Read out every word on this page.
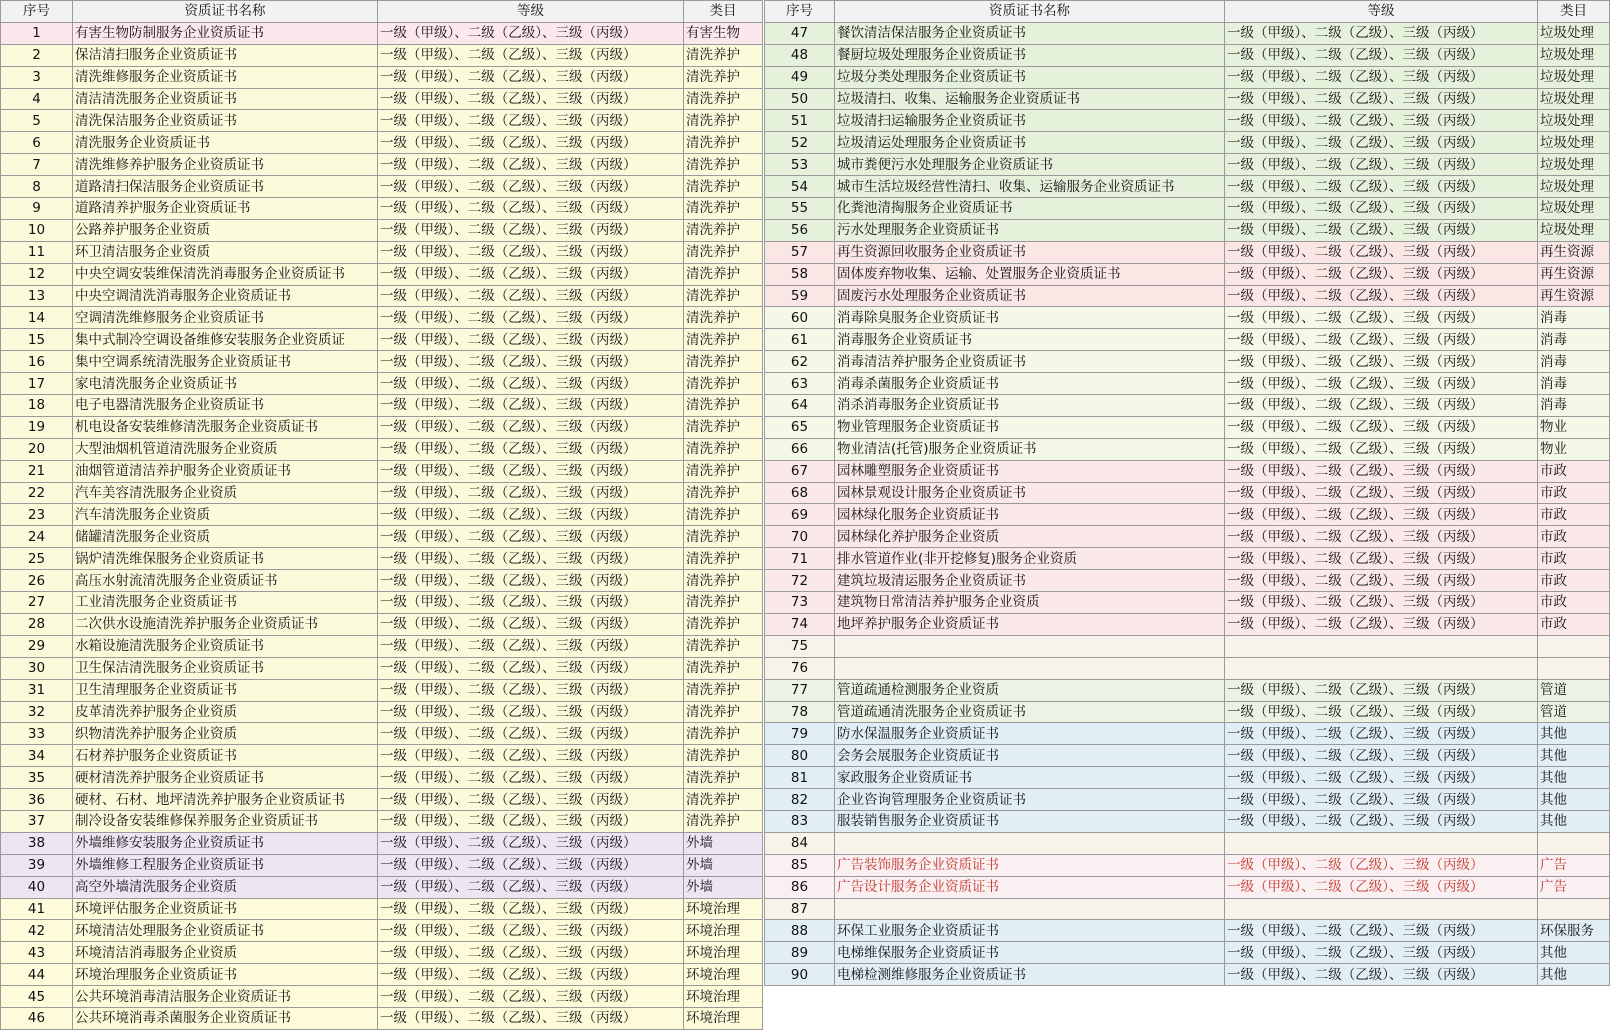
序号	资质证书名称	等级	类目
1	有害生物防制服务企业资质证书	一级（甲级）、二级（乙级）、三级（丙级）	有害生物
2	保洁清扫服务企业资质证书	一级（甲级）、二级（乙级）、三级（丙级）	清洗养护
3	清洗维修服务企业资质证书	一级（甲级）、二级（乙级）、三级（丙级）	清洗养护
4	清洁清洗服务企业资质证书	一级（甲级）、二级（乙级）、三级（丙级）	清洗养护
5	清洗保洁服务企业资质证书	一级（甲级）、二级（乙级）、三级（丙级）	清洗养护
6	清洗服务企业资质证书	一级（甲级）、二级（乙级）、三级（丙级）	清洗养护
7	清洗维修养护服务企业资质证书	一级（甲级）、二级（乙级）、三级（丙级）	清洗养护
8	道路清扫保洁服务企业资质证书	一级（甲级）、二级（乙级）、三级（丙级）	清洗养护
9	道路清养护服务企业资质证书	一级（甲级）、二级（乙级）、三级（丙级）	清洗养护
10	公路养护服务企业资质	一级（甲级）、二级（乙级）、三级（丙级）	清洗养护
11	环卫清洁服务企业资质	一级（甲级）、二级（乙级）、三级（丙级）	清洗养护
12	中央空调安装维保清洗消毒服务企业资质证书	一级（甲级）、二级（乙级）、三级（丙级）	清洗养护
13	中央空调清洗消毒服务企业资质证书	一级（甲级）、二级（乙级）、三级（丙级）	清洗养护
14	空调清洗维修服务企业资质证书	一级（甲级）、二级（乙级）、三级（丙级）	清洗养护
15	集中式制冷空调设备维修安装服务企业资质证	一级（甲级）、二级（乙级）、三级（丙级）	清洗养护
16	集中空调系统清洗服务企业资质证书	一级（甲级）、二级（乙级）、三级（丙级）	清洗养护
17	家电清洗服务企业资质证书	一级（甲级）、二级（乙级）、三级（丙级）	清洗养护
18	电子电器清洗服务企业资质证书	一级（甲级）、二级（乙级）、三级（丙级）	清洗养护
19	机电设备安装维修清洗服务企业资质证书	一级（甲级）、二级（乙级）、三级（丙级）	清洗养护
20	大型油烟机管道清洗服务企业资质	一级（甲级）、二级（乙级）、三级（丙级）	清洗养护
21	油烟管道清洁养护服务企业资质证书	一级（甲级）、二级（乙级）、三级（丙级）	清洗养护
22	汽车美容清洗服务企业资质	一级（甲级）、二级（乙级）、三级（丙级）	清洗养护
23	汽车清洗服务企业资质	一级（甲级）、二级（乙级）、三级（丙级）	清洗养护
24	储罐清洗服务企业资质	一级（甲级）、二级（乙级）、三级（丙级）	清洗养护
25	锅炉清洗维保服务企业资质证书	一级（甲级）、二级（乙级）、三级（丙级）	清洗养护
26	高压水射流清洗服务企业资质证书	一级（甲级）、二级（乙级）、三级（丙级）	清洗养护
27	工业清洗服务企业资质证书	一级（甲级）、二级（乙级）、三级（丙级）	清洗养护
28	二次供水设施清洗养护服务企业资质证书	一级（甲级）、二级（乙级）、三级（丙级）	清洗养护
29	水箱设施清洗服务企业资质证书	一级（甲级）、二级（乙级）、三级（丙级）	清洗养护
30	卫生保洁清洗服务企业资质证书	一级（甲级）、二级（乙级）、三级（丙级）	清洗养护
31	卫生清理服务企业资质证书	一级（甲级）、二级（乙级）、三级（丙级）	清洗养护
32	皮革清洗养护服务企业资质	一级（甲级）、二级（乙级）、三级（丙级）	清洗养护
33	织物清洗养护服务企业资质	一级（甲级）、二级（乙级）、三级（丙级）	清洗养护
34	石材养护服务企业资质证书	一级（甲级）、二级（乙级）、三级（丙级）	清洗养护
35	硬材清洗养护服务企业资质证书	一级（甲级）、二级（乙级）、三级（丙级）	清洗养护
36	硬材、石材、地坪清洗养护服务企业资质证书	一级（甲级）、二级（乙级）、三级（丙级）	清洗养护
37	制冷设备安装维修保养服务企业资质证书	一级（甲级）、二级（乙级）、三级（丙级）	清洗养护
38	外墙维修安装服务企业资质证书	一级（甲级）、二级（乙级）、三级（丙级）	外墙
39	外墙维修工程服务企业资质证书	一级（甲级）、二级（乙级）、三级（丙级）	外墙
40	高空外墙清洗服务企业资质	一级（甲级）、二级（乙级）、三级（丙级）	外墙
41	环境评估服务企业资质证书	一级（甲级）、二级（乙级）、三级（丙级）	环境治理
42	环境清洁处理服务企业资质证书	一级（甲级）、二级（乙级）、三级（丙级）	环境治理
43	环境清洁消毒服务企业资质	一级（甲级）、二级（乙级）、三级（丙级）	环境治理
44	环境治理服务企业资质证书	一级（甲级）、二级（乙级）、三级（丙级）	环境治理
45	公共环境消毒清洁服务企业资质证书	一级（甲级）、二级（乙级）、三级（丙级）	环境治理
46	公共环境消毒杀菌服务企业资质证书	一级（甲级）、二级（乙级）、三级（丙级）	环境治理
序号	资质证书名称	等级	类目
47	餐饮清洁保洁服务企业资质证书	一级（甲级）、二级（乙级）、三级（丙级）	垃圾处理
48	餐厨垃圾处理服务企业资质证书	一级（甲级）、二级（乙级）、三级（丙级）	垃圾处理
49	垃圾分类处理服务企业资质证书	一级（甲级）、二级（乙级）、三级（丙级）	垃圾处理
50	垃圾清扫、收集、运输服务企业资质证书	一级（甲级）、二级（乙级）、三级（丙级）	垃圾处理
51	垃圾清扫运输服务企业资质证书	一级（甲级）、二级（乙级）、三级（丙级）	垃圾处理
52	垃圾清运处理服务企业资质证书	一级（甲级）、二级（乙级）、三级（丙级）	垃圾处理
53	城市粪便污水处理服务企业资质证书	一级（甲级）、二级（乙级）、三级（丙级）	垃圾处理
54	城市生活垃圾经营性清扫、收集、运输服务企业资质证书	一级（甲级）、二级（乙级）、三级（丙级）	垃圾处理
55	化粪池清掏服务企业资质证书	一级（甲级）、二级（乙级）、三级（丙级）	垃圾处理
56	污水处理服务企业资质证书	一级（甲级）、二级（乙级）、三级（丙级）	垃圾处理
57	再生资源回收服务企业资质证书	一级（甲级）、二级（乙级）、三级（丙级）	再生资源
58	固体废弃物收集、运输、处置服务企业资质证书	一级（甲级）、二级（乙级）、三级（丙级）	再生资源
59	固废污水处理服务企业资质证书	一级（甲级）、二级（乙级）、三级（丙级）	再生资源
60	消毒除臭服务企业资质证书	一级（甲级）、二级（乙级）、三级（丙级）	消毒
61	消毒服务企业资质证书	一级（甲级）、二级（乙级）、三级（丙级）	消毒
62	消毒清洁养护服务企业资质证书	一级（甲级）、二级（乙级）、三级（丙级）	消毒
63	消毒杀菌服务企业资质证书	一级（甲级）、二级（乙级）、三级（丙级）	消毒
64	消杀消毒服务企业资质证书	一级（甲级）、二级（乙级）、三级（丙级）	消毒
65	物业管理服务企业资质证书	一级（甲级）、二级（乙级）、三级（丙级）	物业
66	物业清洁(托管)服务企业资质证书	一级（甲级）、二级（乙级）、三级（丙级）	物业
67	园林雕塑服务企业资质证书	一级（甲级）、二级（乙级）、三级（丙级）	市政
68	园林景观设计服务企业资质证书	一级（甲级）、二级（乙级）、三级（丙级）	市政
69	园林绿化服务企业资质证书	一级（甲级）、二级（乙级）、三级（丙级）	市政
70	园林绿化养护服务企业资质	一级（甲级）、二级（乙级）、三级（丙级）	市政
71	排水管道作业(非开挖修复)服务企业资质	一级（甲级）、二级（乙级）、三级（丙级）	市政
72	建筑垃圾清运服务企业资质证书	一级（甲级）、二级（乙级）、三级（丙级）	市政
73	建筑物日常清洁养护服务企业资质	一级（甲级）、二级（乙级）、三级（丙级）	市政
74	地坪养护服务企业资质证书	一级（甲级）、二级（乙级）、三级（丙级）	市政
75			
76			
77	管道疏通检测服务企业资质	一级（甲级）、二级（乙级）、三级（丙级）	管道
78	管道疏通清洗服务企业资质证书	一级（甲级）、二级（乙级）、三级（丙级）	管道
79	防水保温服务企业资质证书	一级（甲级）、二级（乙级）、三级（丙级）	其他
80	会务会展服务企业资质证书	一级（甲级）、二级（乙级）、三级（丙级）	其他
81	家政服务企业资质证书	一级（甲级）、二级（乙级）、三级（丙级）	其他
82	企业咨询管理服务企业资质证书	一级（甲级）、二级（乙级）、三级（丙级）	其他
83	服装销售服务企业资质证书	一级（甲级）、二级（乙级）、三级（丙级）	其他
84			
85	广告装饰服务企业资质证书	一级（甲级）、二级（乙级）、三级（丙级）	广告
86	广告设计服务企业资质证书	一级（甲级）、二级（乙级）、三级（丙级）	广告
87			
88	环保工业服务企业资质证书	一级（甲级）、二级（乙级）、三级（丙级）	环保服务
89	电梯维保服务企业资质证书	一级（甲级）、二级（乙级）、三级（丙级）	其他
90	电梯检测维修服务企业资质证书	一级（甲级）、二级（乙级）、三级（丙级）	其他
